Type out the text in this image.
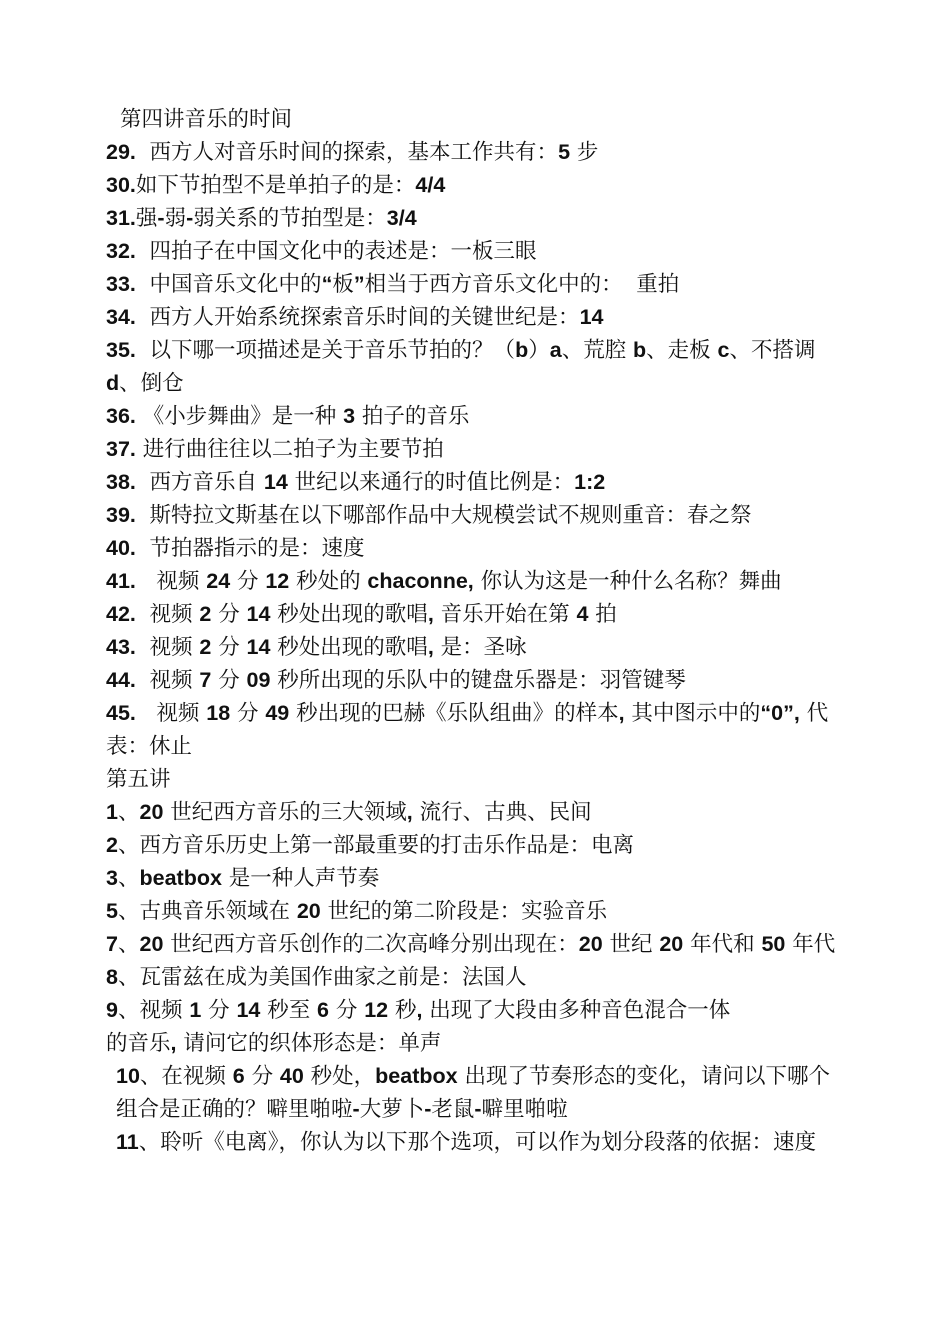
第四讲音乐的时间
29.  西方人对音乐时间的探索，基本工作共有：5 步
30.如下节拍型不是单拍子的是：4/4
31.强-弱-弱关系的节拍型是：3/4
32.  四拍子在中国文化中的表述是：一板三眼
33.  中国音乐文化中的“板”相当于西方音乐文化中的：  重拍
34.  西方人开始系统探索音乐时间的关键世纪是：14
35.  以下哪一项描述是关于音乐节拍的？（b）a、荒腔 b、走板 c、不搭调 d、倒仓
36. 《小步舞曲》是一种 3 拍子的音乐
37. 进行曲往往以二拍子为主要节拍
38.  西方音乐自 14 世纪以来通行的时值比例是：1:2
39.  斯特拉文斯基在以下哪部作品中大规模尝试不规则重音：春之祭
40.  节拍器指示的是：速度
41.   视频 24 分 12 秒处的 chaconne, 你认为这是一种什么名称？舞曲
42.  视频 2 分 14 秒处出现的歌唱, 音乐开始在第 4 拍
43.  视频 2 分 14 秒处出现的歌唱, 是：圣咏
44.  视频 7 分 09 秒所出现的乐队中的键盘乐器是：羽管键琴
45.   视频 18 分 49 秒出现的巴赫《乐队组曲》的样本, 其中图示中的“0”, 代表：休止
第五讲
1、20 世纪西方音乐的三大领域, 流行、古典、民间
2、西方音乐历史上第一部最重要的打击乐作品是：电离
3、beatbox 是一种人声节奏
5、古典音乐领域在 20 世纪的第二阶段是：实验音乐
7、20 世纪西方音乐创作的二次高峰分别出现在：20 世纪 20 年代和 50 年代
8、瓦雷兹在成为美国作曲家之前是：法国人
9、视频 1 分 14 秒至 6 分 12 秒, 出现了大段由多种音色混合一体
的音乐, 请问它的织体形态是：单声
10、在视频 6 分 40 秒处，beatbox 出现了节奏形态的变化，请问以下哪个组合是正确的？噼里啪啦-大萝卜-老鼠-噼里啪啦
11、聆听《电离》，你认为以下那个选项，可以作为划分段落的依据：速度
